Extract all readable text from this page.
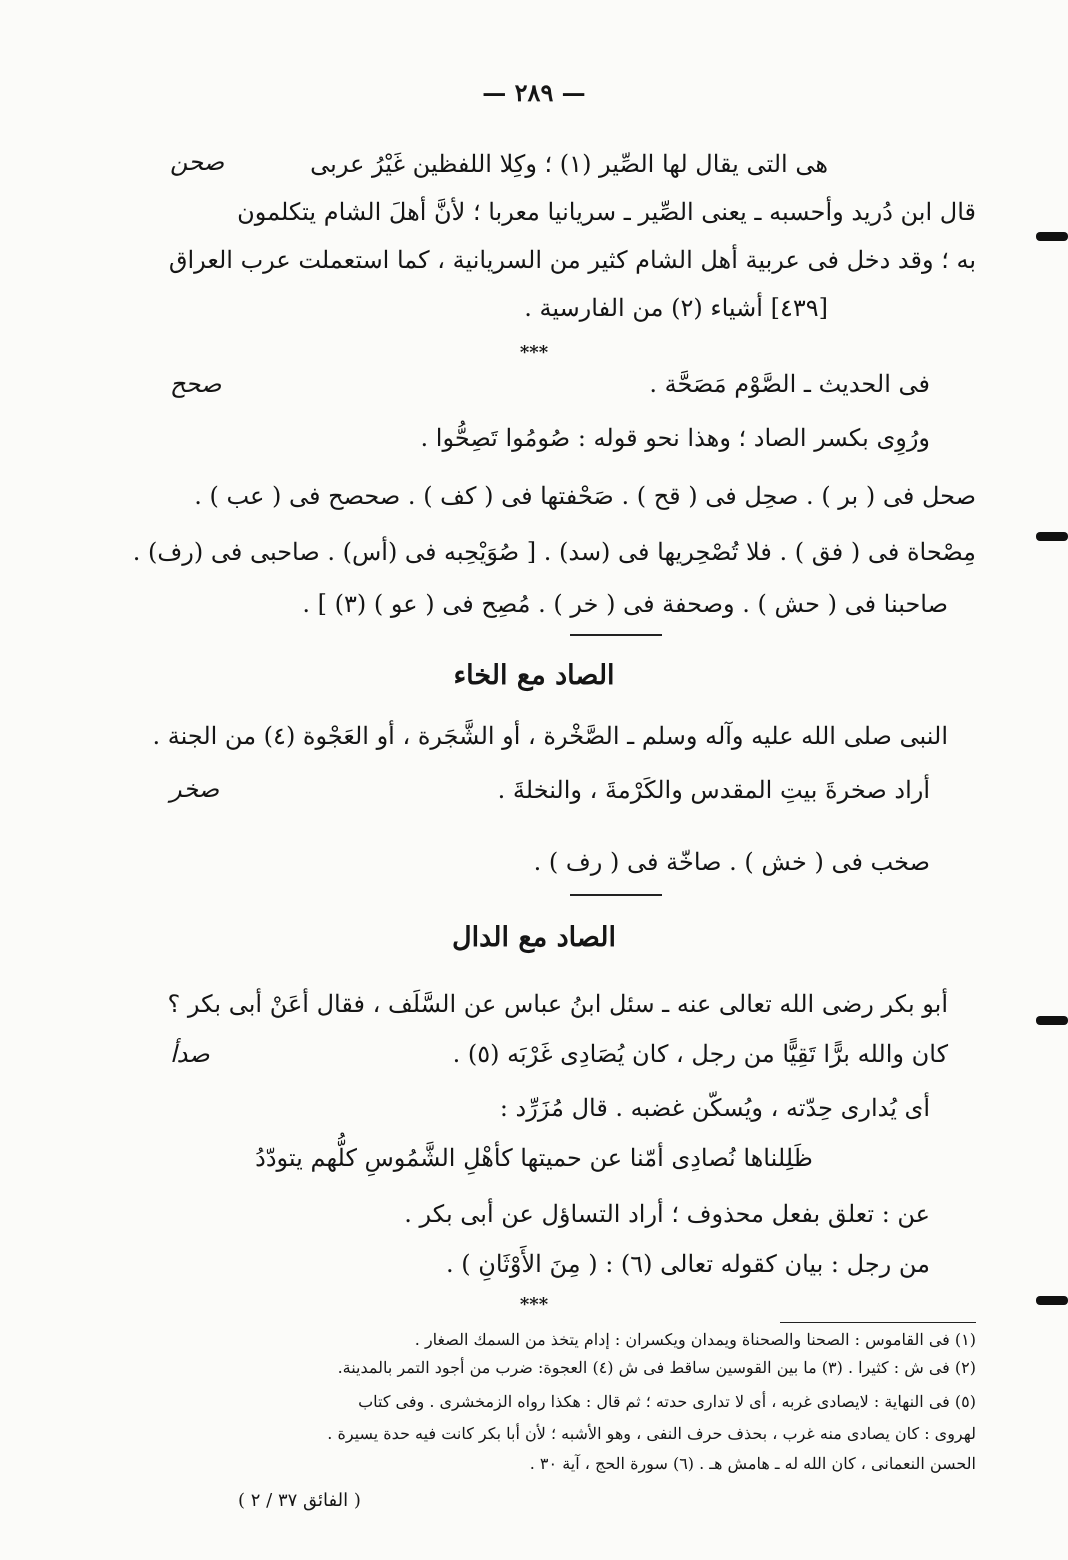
— ٢٨٩ —
صحن
صحح
صخر
صدأ
هى التى يقال لها الصِّير (١) ؛ وكِلا اللفظين غَيْرُ عربى
قال ابن دُريد وأحسبه ـ يعنى الصِّير ـ سريانيا معربا ؛ لأنَّ أهلَ الشام يتكلمون
به ؛ وقد دخل فى عربية أهل الشام كثير من السريانية ، كما استعملت عرب العراق
[٤٣٩] أشياء (٢) من الفارسية .
***
فى الحديث ـ الصَّوْم مَصَحَّة .
ورُوِى بكسر الصاد ؛ وهذا نحو قوله : صُومُوا تَصِحُّوا .
صحل فى ( بر ) . صحِل فى ( قح ) . صَحْفتها فى ( كف ) . صحصح فى ( عب ) .
مِصْحاة فى ( فق ) . فلا تُصْحِريها فى (سد) . [ صُوَيْحِبه فى (أس) . صاحبى فى (رف) .
صاحبنا فى ( حش ) . وصحفة فى ( خر ) . مُصِح فى ( عو ) (٣) ] .
الصاد مع الخاء
النبى صلى الله عليه وآله وسلم ـ الصَّخْرة ، أو الشَّجَرة ، أو العَجْوة (٤) من الجنة .
أراد صخرةَ بيتِ المقدس والكَرْمةَ ، والنخلةَ .
صخب فى ( خش ) . صاخّة فى ( رف ) .
الصاد مع الدال
أبو بكر رضى الله تعالى عنه ـ سئل ابنُ عباس عن السَّلَف ، فقال أعَنْ أبى بكر ؟
كان والله برًّا تَقِيًّا من رجل ، كان يُصَادِى غَرْبَه (٥) .
أى يُدارى حِدّته ، ويُسكّن غضبه . قال مُزَرِّد :
ظَلِلناها نُصادِى أمّنا عن حميتها كأهْلِ الشَّمُوسِ كلُّهم يتودّدُ
عن : تعلق بفعل محذوف ؛ أراد التساؤل عن أبى بكر .
من رجل : بيان كقوله تعالى (٦) : ( مِنَ الأَوْثَانِ ) .
***
(١) فى القاموس : الصحنا والصحناة ويمدان ويكسران : إدام يتخذ من السمك الصغار .
(٢) فى ش : كثيرا . (٣) ما بين القوسين ساقط فى ش (٤) العجوة: ضرب من أجود التمر بالمدينة.
(٥) فى النهاية : لايصادى غربه ، أى لا تدارى حدته ؛ ثم قال : هكذا رواه الزمخشرى . وفى كتاب
لهروى : كان يصادى منه غرب ، بحذف حرف النفى ، وهو الأشبه ؛ لأن أبا بكر كانت فيه حدة يسيرة .
الحسن النعمانى ، كان الله له ـ هامش هـ . (٦) سورة الحج ، آية ٣٠ .
( الفائق ٣٧ / ٢ )
